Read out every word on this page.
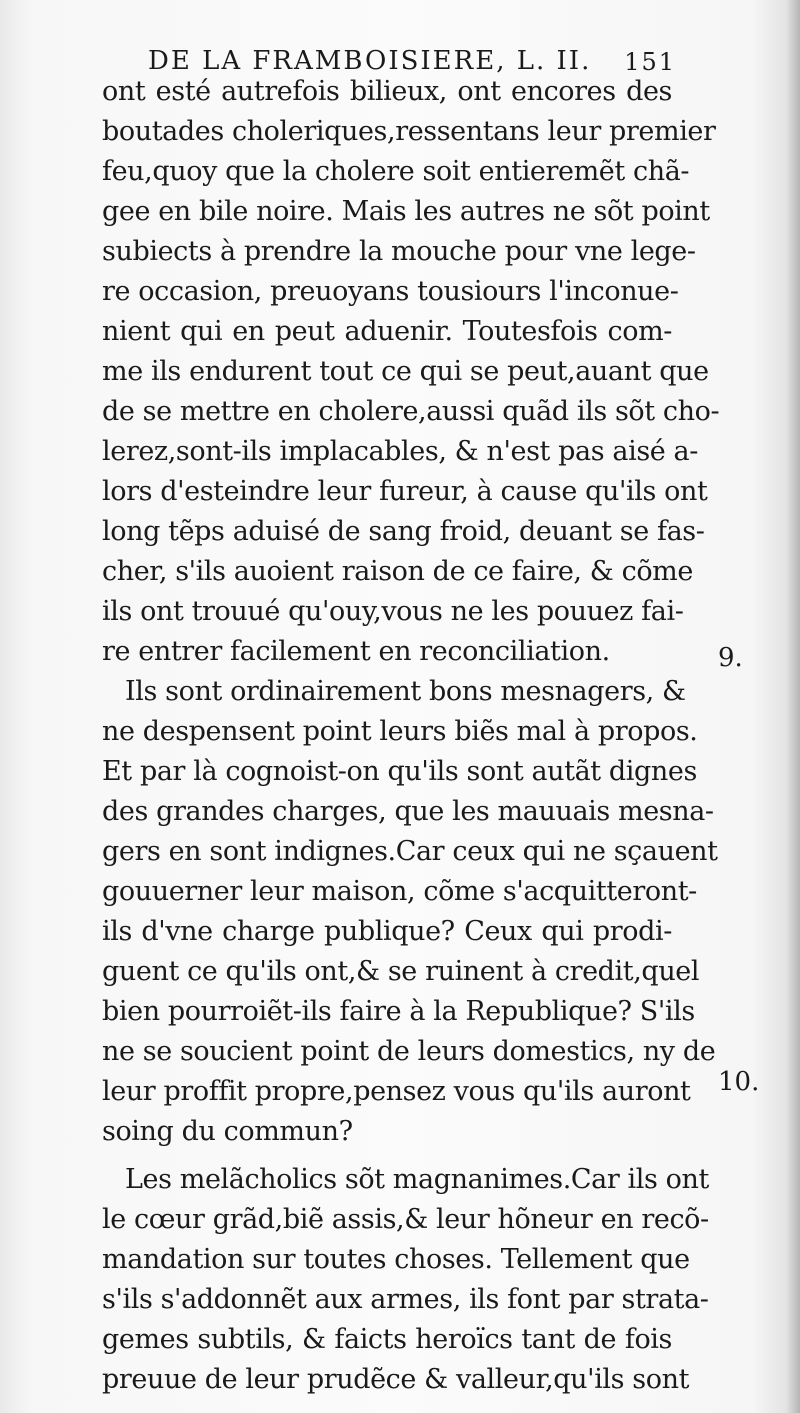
DE LA FRAMBOISIERE, L. II. 151
ont esté autrefois bilieux, ont encores des
boutades choleriques,ressentans leur premier
feu,quoy que la cholere soit entieremẽt chã-
gee en bile noire. Mais les autres ne sõt point
subiects à prendre la mouche pour vne lege-
re occasion, preuoyans tousiours l'inconue-
nient qui en peut aduenir. Toutesfois com-
me ils endurent tout ce qui se peut,auant que
de se mettre en cholere,aussi quãd ils sõt cho-
lerez,sont-ils implacables, & n'est pas aisé a-
lors d'esteindre leur fureur, à cause qu'ils ont
long tẽps aduisé de sang froid, deuant se fas-
cher, s'ils auoient raison de ce faire, & cõme
ils ont trouué qu'ouy,vous ne les pouuez fai-
re entrer facilement en reconciliation.
Ils sont ordinairement bons mesnagers, &
ne despensent point leurs biẽs mal à propos.
Et par là cognoist-on qu'ils sont autãt dignes
des grandes charges, que les mauuais mesna-
gers en sont indignes.Car ceux qui ne sçauent
gouuerner leur maison, cõme s'acquitteront-
ils d'vne charge publique? Ceux qui prodi-
guent ce qu'ils ont,& se ruinent à credit,quel
bien pourroiẽt-ils faire à la Republique? S'ils
ne se soucient point de leurs domestics, ny de
leur proffit propre,pensez vous qu'ils auront
soing du commun?
Les melãcholics sõt magnanimes.Car ils ont
le cœur grãd,biẽ assis,& leur hõneur en recõ-
mandation sur toutes choses. Tellement que
s'ils s'addonnẽt aux armes, ils font par strata-
gemes subtils, & faicts heroïcs tant de fois
preuue de leur prudẽce & valleur,qu'ils sont
9.
10.
